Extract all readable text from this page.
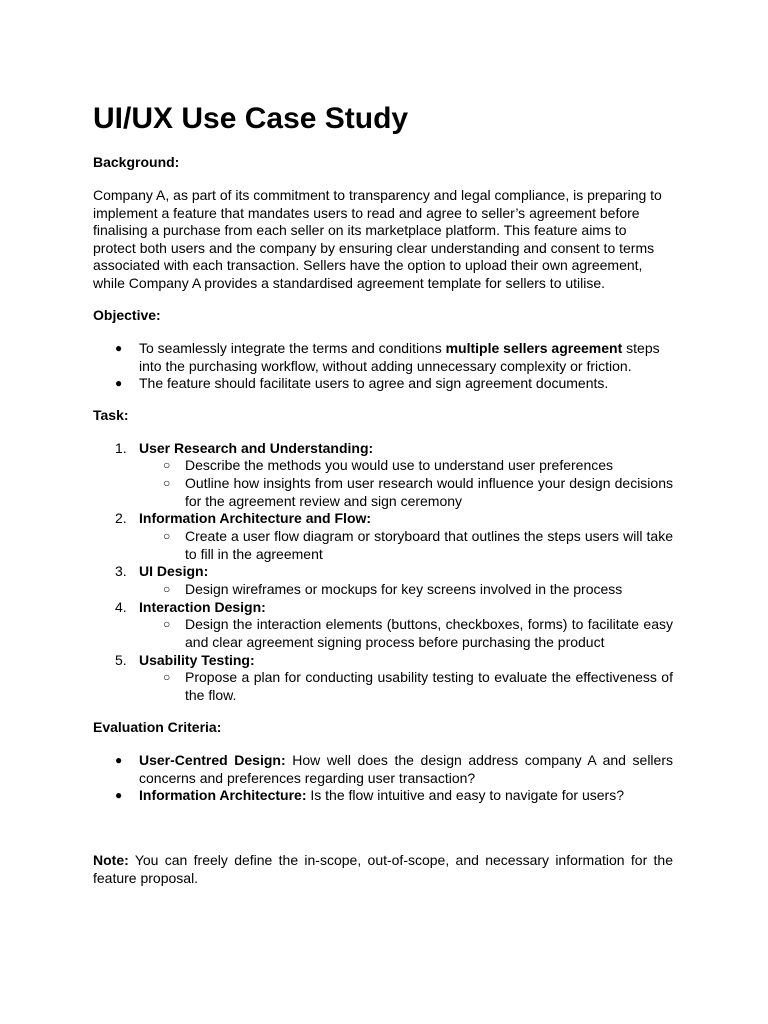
UI/UX Use Case Study

Background:

Company A, as part of its commitment to transparency and legal compliance, is preparing to implement a feature that mandates users to read and agree to seller’s agreement before finalising a purchase from each seller on its marketplace platform. This feature aims to protect both users and the company by ensuring clear understanding and consent to terms associated with each transaction. Sellers have the option to upload their own agreement, while Company A provides a standardised agreement template for sellers to utilise.

Objective:

● To seamlessly integrate the terms and conditions multiple sellers agreement steps into the purchasing workflow, without adding unnecessary complexity or friction.
● The feature should facilitate users to agree and sign agreement documents.

Task:

1. User Research and Understanding:
○ Describe the methods you would use to understand user preferences
○ Outline how insights from user research would influence your design decisions for the agreement review and sign ceremony
2. Information Architecture and Flow:
○ Create a user flow diagram or storyboard that outlines the steps users will take to fill in the agreement
3. UI Design:
○ Design wireframes or mockups for key screens involved in the process
4. Interaction Design:
○ Design the interaction elements (buttons, checkboxes, forms) to facilitate easy and clear agreement signing process before purchasing the product
5. Usability Testing:
○ Propose a plan for conducting usability testing to evaluate the effectiveness of the flow.

Evaluation Criteria:

● User-Centred Design: How well does the design address company A and sellers concerns and preferences regarding user transaction?
● Information Architecture: Is the flow intuitive and easy to navigate for users?

Note: You can freely define the in-scope, out-of-scope, and necessary information for the feature proposal.
